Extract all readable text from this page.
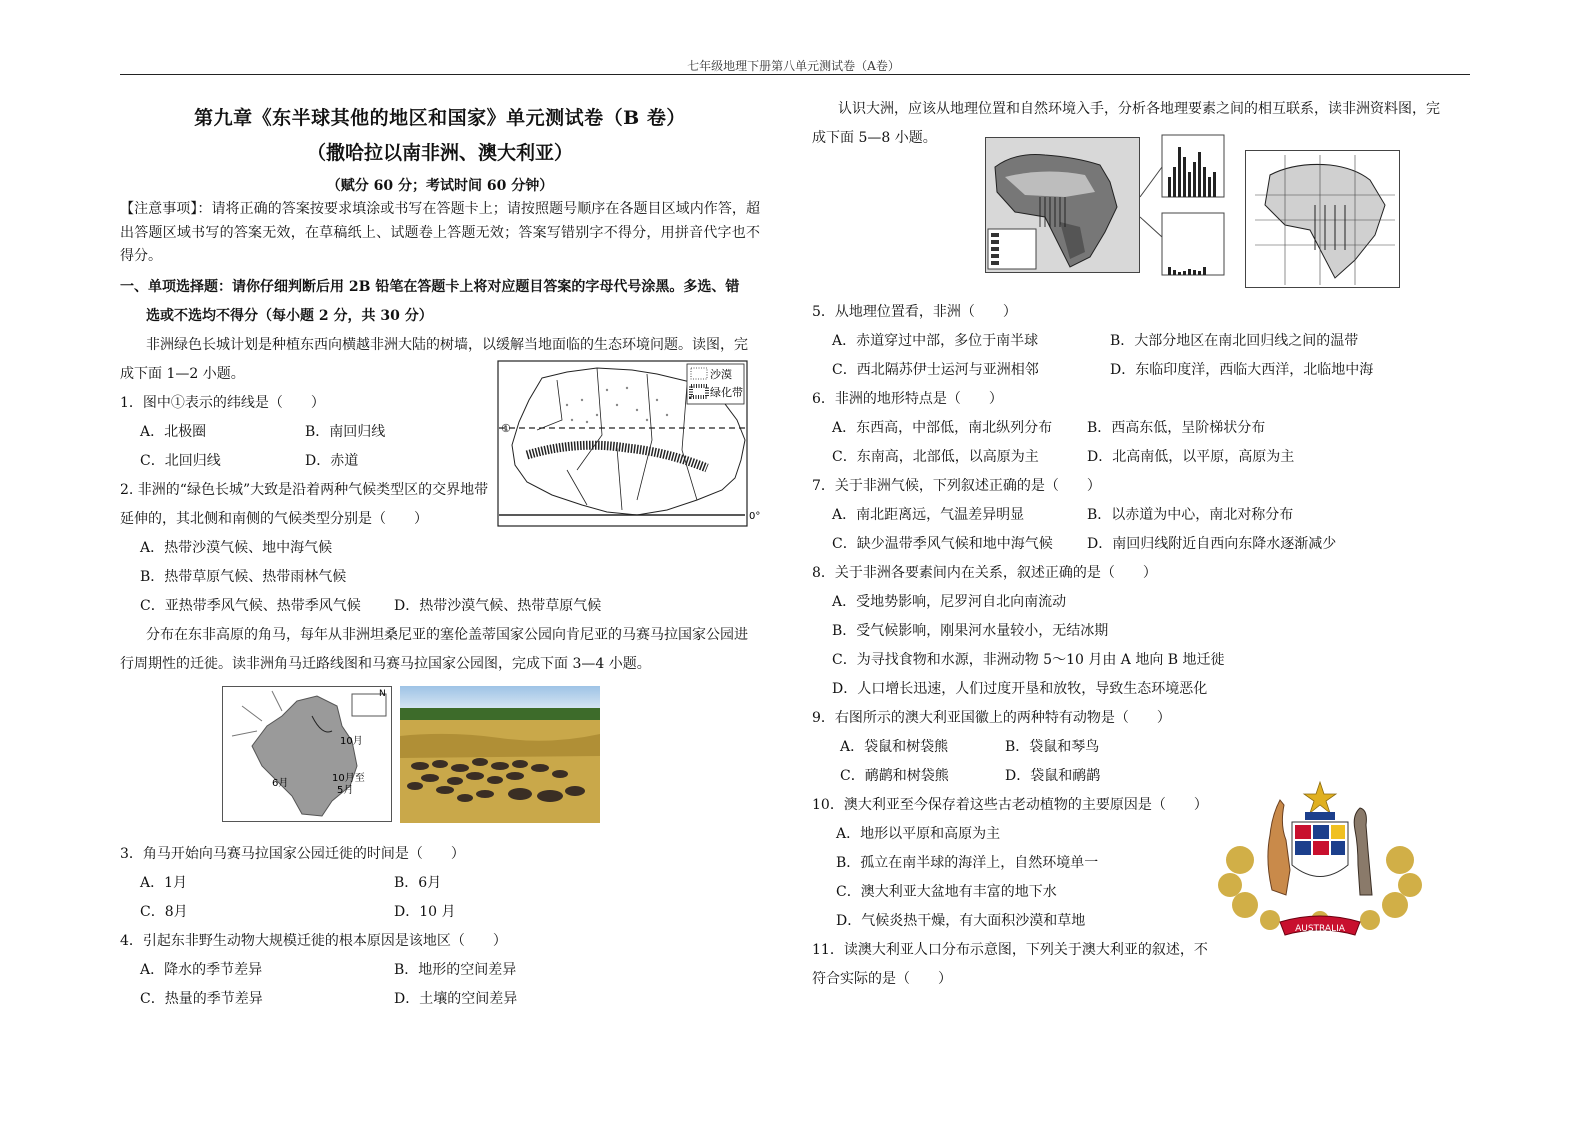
七年级地理下册第八单元测试卷（A卷）
第九章《东半球其他的地区和国家》单元测试卷（B 卷）
（撒哈拉以南非洲、澳大利亚）
（赋分 60 分；考试时间 60 分钟）
【注意事项】：请将正确的答案按要求填涂或书写在答题卡上；请按照题号顺序在各题目区域内作答，超出答题区域书写的答案无效，在草稿纸上、试题卷上答题无效；答案写错别字不得分，用拼音代字也不得分。
一、单项选择题：请你仔细判断后用 2B 铅笔在答题卡上将对应题目答案的字母代号涂黑。多选、错
选或不选均不得分（每小题 2 分，共 30 分）
非洲绿色长城计划是种植东西向横越非洲大陆的树墙，以缓解当地面临的生态环境问题。读图，完
成下面 1—2 小题。
1．图中①表示的纬线是（　　）
A．北极圈	B．南回归线
C．北回归线	D．赤道
2. 非洲的“绿色长城”大致是沿着两种气候类型区的交界地带
延伸的，其北侧和南侧的气候类型分别是（　　）
A．热带沙漠气候、地中海气候
B．热带草原气候、热带雨林气候
C．亚热带季风气候、热带季风气候	D．热带沙漠气候、热带草原气候
分布在东非高原的角马，每年从非洲坦桑尼亚的塞伦盖蒂国家公园向肯尼亚的马赛马拉国家公园进
行周期性的迁徙。读非洲角马迁路线图和马赛马拉国家公园图，完成下面 3—4 小题。
①
0°
沙漠
绿化带
N
10月
6月	10月至
5月
3．角马开始向马赛马拉国家公园迁徙的时间是（　　）
A．1月	B．6月
C．8月	D．10 月
4．引起东非野生动物大规模迁徙的根本原因是该地区（　　）
A．降水的季节差异	B．地形的空间差异
C．热量的季节差异	D．土壤的空间差异
认识大洲，应该从地理位置和自然环境入手，分析各地理要素之间的相互联系，读非洲资料图，完
成下面 5—8 小题。
5．从地理位置看，非洲（　　）
A．赤道穿过中部，多位于南半球	B．大部分地区在南北回归线之间的温带
C．西北隔苏伊士运河与亚洲相邻	D．东临印度洋，西临大西洋，北临地中海
6．非洲的地形特点是（　　）
A．东西高，中部低，南北纵列分布	B．西高东低，呈阶梯状分布
C．东南高，北部低，以高原为主	D．北高南低，以平原，高原为主
7．关于非洲气候，下列叙述正确的是（　　）
A．南北距离远，气温差异明显	B．以赤道为中心，南北对称分布
C．缺少温带季风气候和地中海气候	D．南回归线附近自西向东降水逐渐减少
8．关于非洲各要素间内在关系，叙述正确的是（　　）
A．受地势影响，尼罗河自北向南流动
B．受气候影响，刚果河水量较小，无结冰期
C．为寻找食物和水源，非洲动物 5～10 月由 A 地向 B 地迁徙
D．人口增长迅速，人们过度开垦和放牧，导致生态环境恶化
9．右图所示的澳大利亚国徽上的两种特有动物是（　　）
A．袋鼠和树袋熊	B．袋鼠和琴鸟
C．鸸鹋和树袋熊	D．袋鼠和鸸鹋
10．澳大利亚至今保存着这些古老动植物的主要原因是（　　）
A．地形以平原和高原为主
B．孤立在南半球的海洋上，自然环境单一
C．澳大利亚大盆地有丰富的地下水
D．气候炎热干燥，有大面积沙漠和草地
11．读澳大利亚人口分布示意图，下列关于澳大利亚的叙述，不
符合实际的是（　　）
AUSTRALIA
